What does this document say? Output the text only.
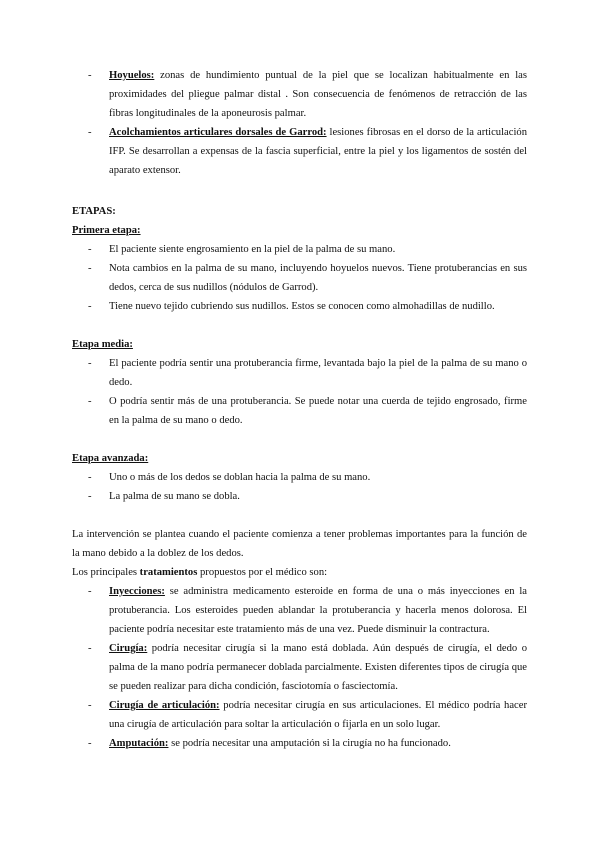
- Hoyuelos: zonas de hundimiento puntual de la piel que se localizan habitualmente en las proximidades del pliegue palmar distal . Son consecuencia de fenómenos de retracción de las fibras longitudinales de la aponeurosis palmar.
- Acolchamientos articulares dorsales de Garrod: lesiones fibrosas en el dorso de la articulación IFP. Se desarrollan a expensas de la fascia superficial, entre la piel y los ligamentos de sostén del aparato extensor.
ETAPAS:
Primera etapa:
- El paciente siente engrosamiento en la piel de la palma de su mano.
- Nota cambios en la palma de su mano, incluyendo hoyuelos nuevos. Tiene protuberancias en sus dedos, cerca de sus nudillos (nódulos de Garrod).
- Tiene nuevo tejido cubriendo sus nudillos. Estos se conocen como almohadillas de nudillo.
Etapa media:
- El paciente podría sentir una protuberancia firme, levantada bajo la piel de la palma de su mano o dedo.
- O podría sentir más de una protuberancia. Se puede notar una cuerda de tejido engrosado, firme en la palma de su mano o dedo.
Etapa avanzada:
- Uno o más de los dedos se doblan hacia la palma de su mano.
- La palma de su mano se dobla.
La intervención se plantea cuando el paciente comienza a tener problemas importantes para la función de la mano debido a la doblez de los dedos.
Los principales tratamientos propuestos por el médico son:
- Inyecciones: se administra medicamento esteroide en forma de una o más inyecciones en la protuberancia. Los esteroides pueden ablandar la protuberancia y hacerla menos dolorosa. El paciente podría necesitar este tratamiento más de una vez. Puede disminuir la contractura.
- Cirugía: podría necesitar cirugía si la mano está doblada. Aún después de cirugía, el dedo o palma de la mano podría permanecer doblada parcialmente. Existen diferentes tipos de cirugía que se pueden realizar para dicha condición, fasciotomía o fasciectomía.
- Cirugía de articulación: podría necesitar cirugía en sus articulaciones. El médico podría hacer una cirugía de articulación para soltar la articulación o fijarla en un solo lugar.
- Amputación: se podría necesitar una amputación si la cirugía no ha funcionado.
